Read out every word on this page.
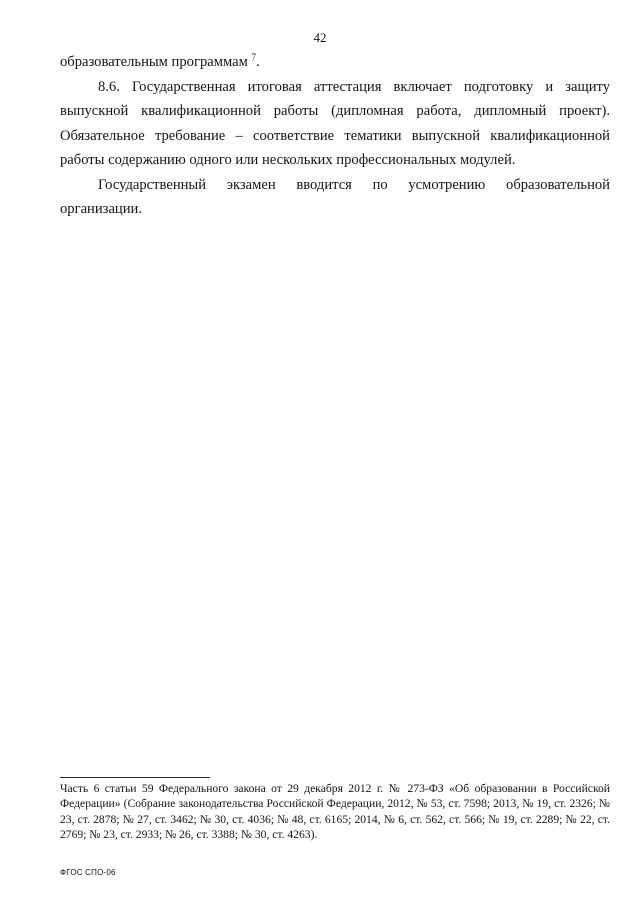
42

образовательным программам $^7$.

8.6. Государственная итоговая аттестация включает подготовку и защиту выпускной квалификационной работы (дипломная работа, дипломный проект). Обязательное требование – соответствие тематики выпускной квалификационной работы содержанию одного или нескольких профессиональных модулей.

Государственный экзамен вводится по усмотрению образовательной организации.

Часть 6 статьи 59 Федерального закона от 29 декабря 2012 г. № 273-ФЗ «Об образовании в Российской Федерации» (Собрание законодательства Российской Федерации, 2012, № 53, ст. 7598; 2013, № 19, ст. 2326; № 23, ст. 2878; № 27, ст. 3462; № 30, ст. 4036; № 48, ст. 6165; 2014, № 6, ст. 562, ст. 566; № 19, ст. 2289; № 22, ст. 2769; № 23, ст. 2933; № 26, ст. 3388; № 30, ст. 4263).
ФГОС СПО-06
